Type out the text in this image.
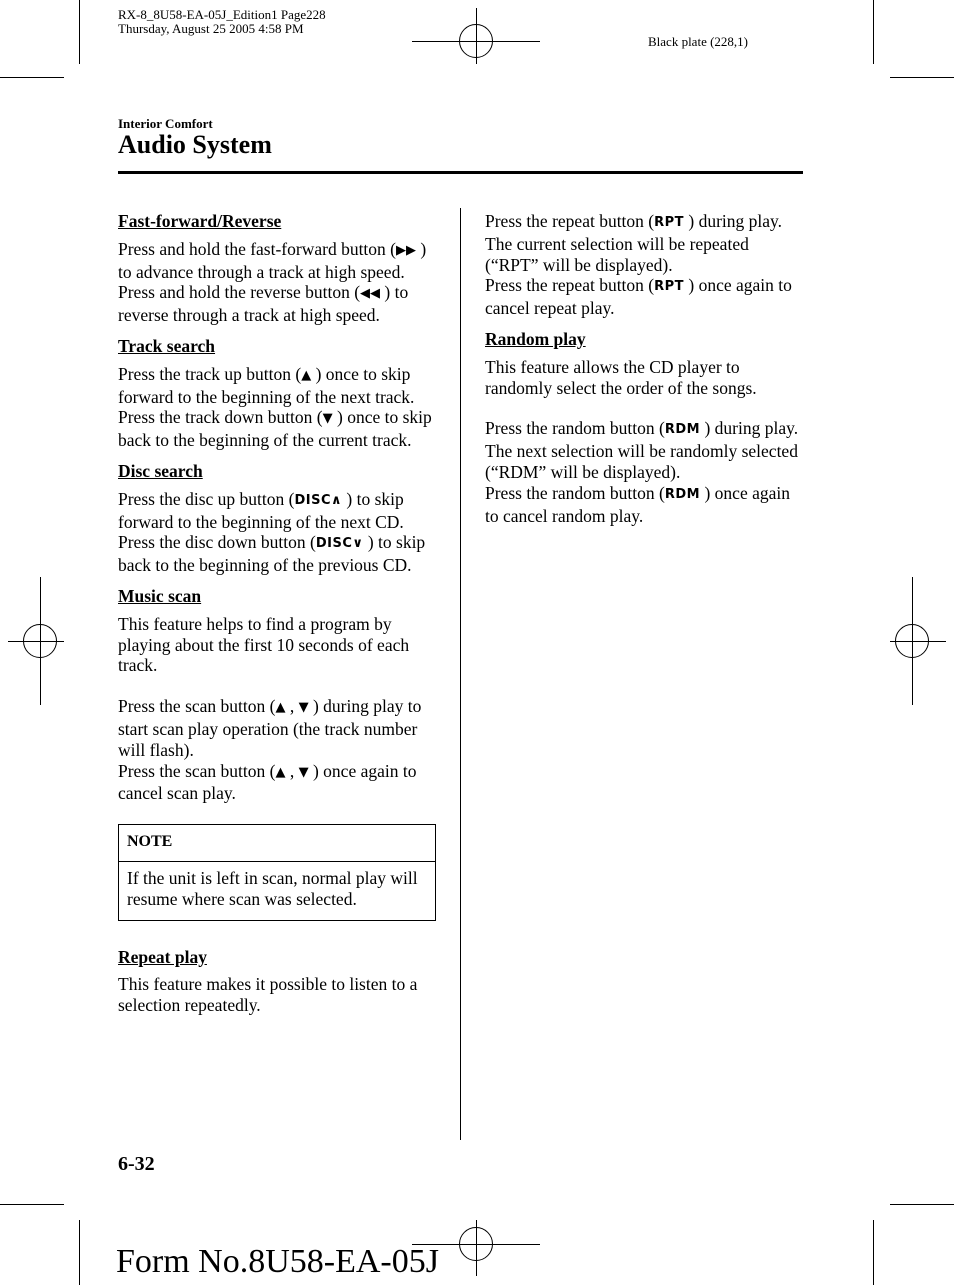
RX-8_8U58-EA-05J_Edition1 Page228
Thursday, August 25 2005 4:58 PM
Black plate (228,1)
Interior Comfort
Audio System

Fast-forward/Reverse

Press and hold the fast-forward button (▶▶ ) to advance through a track at high speed.

Press and hold the reverse button (◀◀ ) to reverse through a track at high speed.

Track search

Press the track up button (▲ ) once to skip forward to the beginning of the next track.

Press the track down button (▼ ) once to skip back to the beginning of the current track.

Disc search

Press the disc up button (DISC∧ ) to skip forward to the beginning of the next CD.

Press the disc down button (DISC∨ ) to skip back to the beginning of the previous CD.

Music scan

This feature helps to find a program by playing about the first 10 seconds of each track.

Press the scan button (▲ , ▼ ) during play to start scan play operation (the track number will flash).

Press the scan button (▲ , ▼ ) once again to cancel scan play.

NOTE
If the unit is left in scan, normal play will resume where scan was selected.

Repeat play

This feature makes it possible to listen to a selection repeatedly.

Press the repeat button (RPT ) during play. The current selection will be repeated (“RPT” will be displayed).

Press the repeat button (RPT ) once again to cancel repeat play.

Random play

This feature allows the CD player to randomly select the order of the songs.

Press the random button (RDM ) during play. The next selection will be randomly selected (“RDM” will be displayed).

Press the random button (RDM ) once again to cancel random play.

6-32
Form No.8U58-EA-05J
